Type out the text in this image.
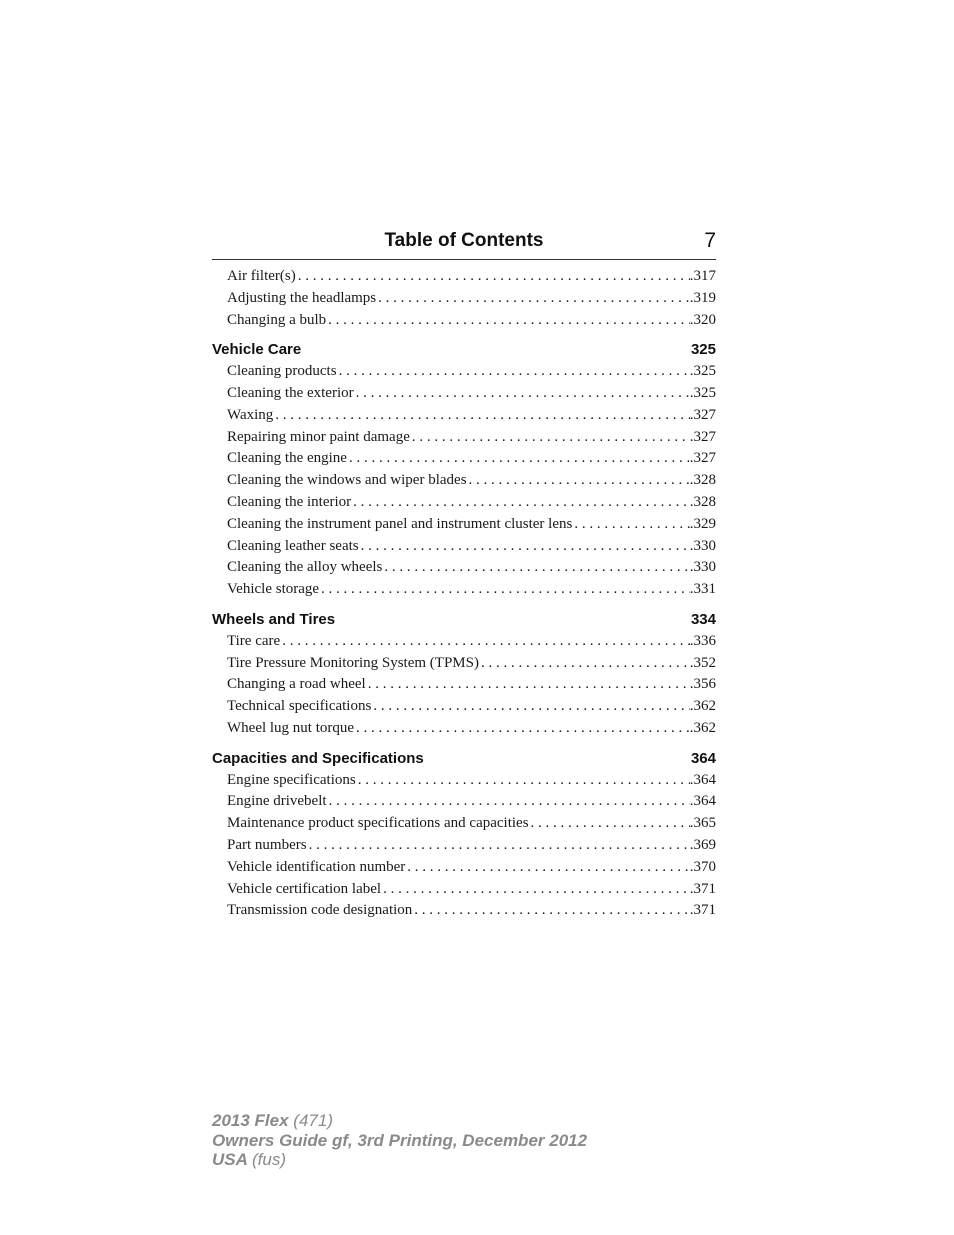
Table of Contents	7
Air filter(s) . . .	.317
Adjusting the headlamps . . .	.319
Changing a bulb . . .	.320
Vehicle Care	325
Cleaning products . . .	.325
Cleaning the exterior . . .	.325
Waxing . . .	.327
Repairing minor paint damage . . .	.327
Cleaning the engine . . .	.327
Cleaning the windows and wiper blades . . .	.328
Cleaning the interior . . .	.328
Cleaning the instrument panel and instrument cluster lens . . .	.329
Cleaning leather seats . . .	.330
Cleaning the alloy wheels . . .	.330
Vehicle storage . . .	.331
Wheels and Tires	334
Tire care . . .	.336
Tire Pressure Monitoring System (TPMS) . . .	.352
Changing a road wheel . . .	.356
Technical specifications . . .	.362
Wheel lug nut torque . . .	.362
Capacities and Specifications	364
Engine specifications . . .	.364
Engine drivebelt . . .	.364
Maintenance product specifications and capacities . . .	.365
Part numbers . . .	.369
Vehicle identification number . . .	.370
Vehicle certification label . . .	.371
Transmission code designation . . .	.371
2013 Flex (471)
Owners Guide gf, 3rd Printing, December 2012
USA (fus)
